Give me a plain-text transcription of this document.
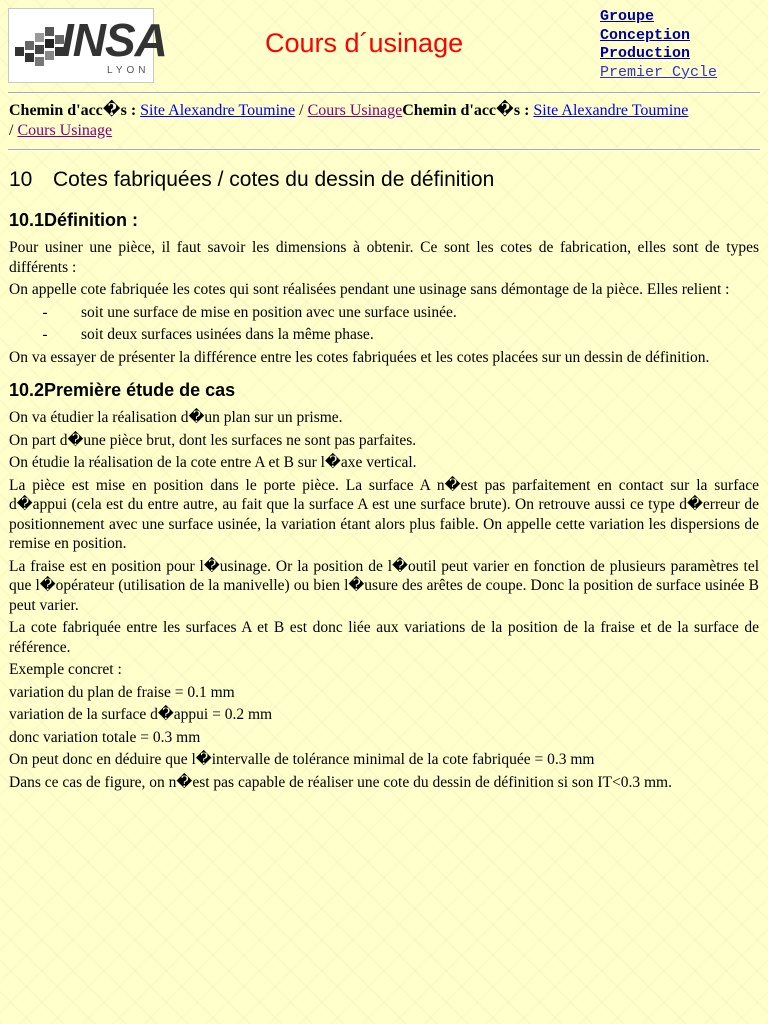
INSA
LYON
Cours d´usinage
Groupe
Conception
Production
Premier Cycle
Chemin d'acc�s : Site Alexandre Toumine / Cours UsinageChemin d'acc�s : Site Alexandre Toumine
/ Cours Usinage
10 Cotes fabriquées / cotes du dessin de définition
10.1Définition :

Pour usiner une pièce, il faut savoir les dimensions à obtenir. Ce sont les cotes de fabrication, elles sont de types différents :

On appelle cote fabriquée les cotes qui sont réalisées pendant une usinage sans démontage de la pièce. Elles relient :

- soit une surface de mise en position avec une surface usinée.
- soit deux surfaces usinées dans la même phase.

On va essayer de présenter la différence entre les cotes fabriquées et les cotes placées sur un dessin de définition.

10.2Première étude de cas

On va étudier la réalisation d�un plan sur un prisme.

On part d�une pièce brut, dont les surfaces ne sont pas parfaites.

On étudie la réalisation de la cote entre A et B sur l�axe vertical.

La pièce est mise en position dans le porte pièce. La surface A n�est pas parfaitement en contact sur la surface d�appui (cela est du entre autre, au fait que la surface A est une surface brute). On retrouve aussi ce type d�erreur de positionnement avec une surface usinée, la variation étant alors plus faible. On appelle cette variation les dispersions de remise en position.

La fraise est en position pour l�usinage. Or la position de l�outil peut varier en fonction de plusieurs paramètres tel que l�opérateur (utilisation de la manivelle) ou bien l�usure des arêtes de coupe. Donc la position de surface usinée B peut varier.

La cote fabriquée entre les surfaces A et B est donc liée aux variations de la position de la fraise et de la surface de référence.

Exemple concret :

variation du plan de fraise = 0.1 mm

variation de la surface d�appui = 0.2 mm

donc variation totale = 0.3 mm

On peut donc en déduire que l�intervalle de tolérance minimal de la cote fabriquée = 0.3 mm

Dans ce cas de figure, on n�est pas capable de réaliser une cote du dessin de définition si son IT<0.3 mm.
